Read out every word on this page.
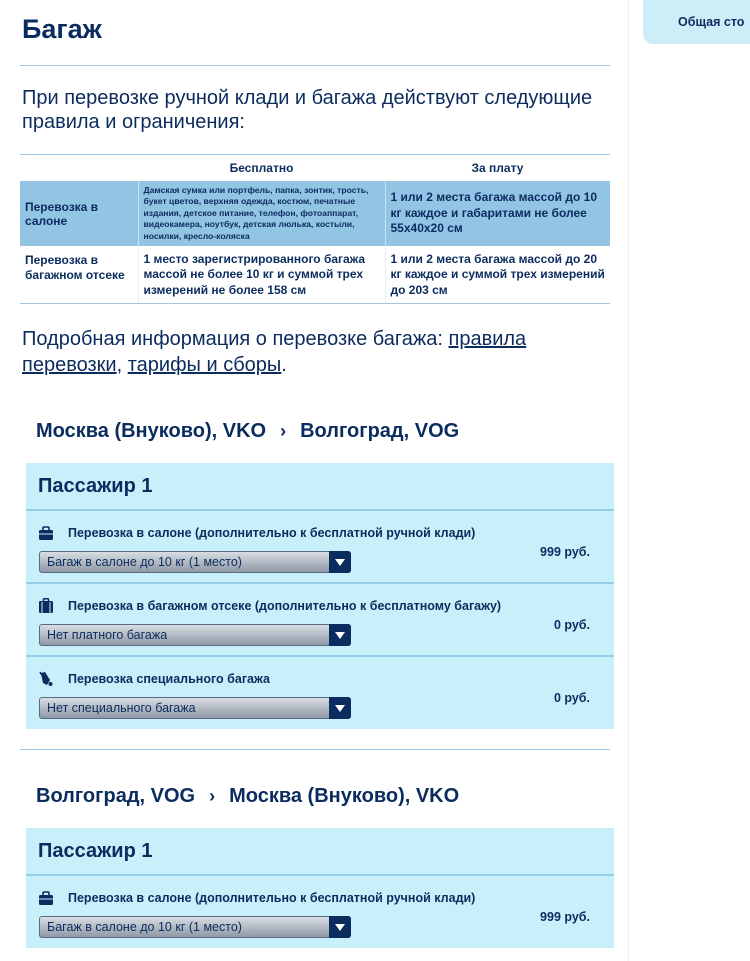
Общая сто
Багаж
При перевозке ручной клади и багажа действуют следующие правила и ограничения:
	Бесплатно	За плату
Перевозка в салоне	Дамская сумка или портфель, папка, зонтик, трость, букет цветов, верхняя одежда, костюм, печатные издания, детское питание, телефон, фотоаппарат, видеокамера, ноутбук, детская люлька, костыли, носилки, кресло-коляска	1 или 2 места багажа массой до 10 кг каждое и габаритами не более 55х40х20 см
Перевозка в багажном отсеке	1 место зарегистрированного багажа массой не более 10 кг и суммой трех измерений не более 158 см	1 или 2 места багажа массой до 20 кг каждое и суммой трех измерений до 203 см
Подробная информация о перевозке багажа: правила перевозки, тарифы и сборы.
Москва (Внуково), VKO › Волгоград, VOG
Пассажир 1
Перевозка в салоне (дополнительно к бесплатной ручной клади)
Багаж в салоне до 10 кг (1 место)
999 руб.
Перевозка в багажном отсеке (дополнительно к бесплатному багажу)
Нет платного багажа
0 руб.
Перевозка специального багажа
Нет специального багажа
0 руб.
Волгоград, VOG › Москва (Внуково), VKO
Пассажир 1
Перевозка в салоне (дополнительно к бесплатной ручной клади)
Багаж в салоне до 10 кг (1 место)
999 руб.
